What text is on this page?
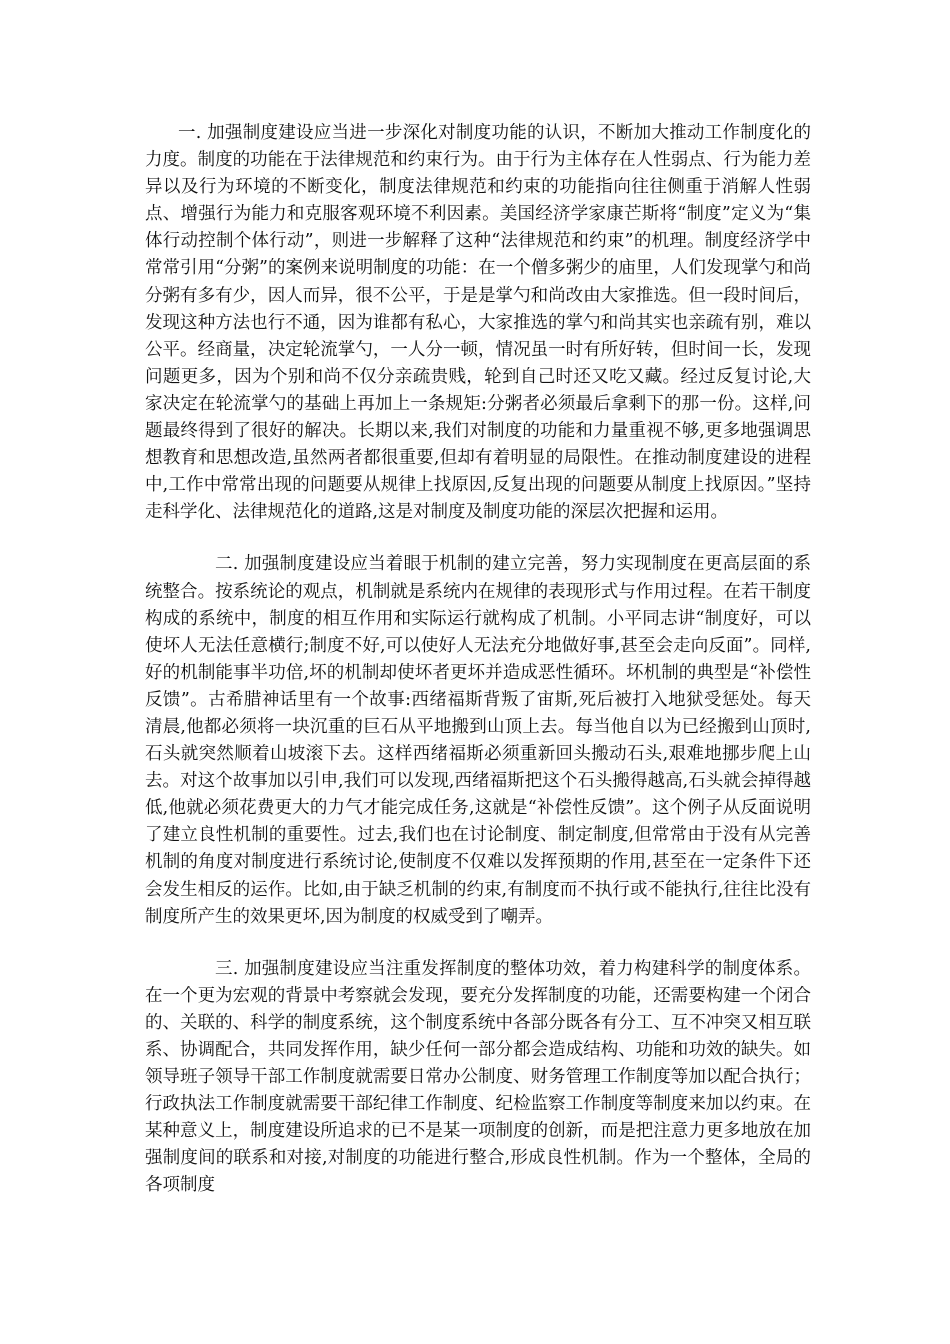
一. 加强制度建设应当进一步深化对制度功能的认识，不断加大推动工作制度化的力度。制度的功能在于法律规范和约束行为。由于行为主体存在人性弱点、行为能力差异以及行为环境的不断变化，制度法律规范和约束的功能指向往往侧重于消解人性弱点、增强行为能力和克服客观环境不利因素。美国经济学家康芒斯将“制度”定义为“集体行动控制个体行动”，则进一步解释了这种“法律规范和约束”的机理。制度经济学中常常引用“分粥”的案例来说明制度的功能：在一个僧多粥少的庙里，人们发现掌勺和尚分粥有多有少，因人而异，很不公平，于是是掌勺和尚改由大家推选。但一段时间后，发现这种方法也行不通，因为谁都有私心，大家推选的掌勺和尚其实也亲疏有别，难以公平。经商量，决定轮流掌勺，一人分一顿，情况虽一时有所好转，但时间一长，发现问题更多，因为个别和尚不仅分亲疏贵贱，轮到自己时还又吃又藏。经过反复讨论,大家决定在轮流掌勺的基础上再加上一条规矩:分粥者必须最后拿剩下的那一份。这样,问题最终得到了很好的解决。长期以来,我们对制度的功能和力量重视不够,更多地强调思想教育和思想改造,虽然两者都很重要,但却有着明显的局限性。在推动制度建设的进程中,工作中常常出现的问题要从规律上找原因,反复出现的问题要从制度上找原因。”坚持走科学化、法律规范化的道路,这是对制度及制度功能的深层次把握和运用。

二. 加强制度建设应当着眼于机制的建立完善，努力实现制度在更高层面的系统整合。按系统论的观点，机制就是系统内在规律的表现形式与作用过程。在若干制度构成的系统中，制度的相互作用和实际运行就构成了机制。小平同志讲“制度好，可以使坏人无法任意横行;制度不好,可以使好人无法充分地做好事,甚至会走向反面”。同样,好的机制能事半功倍,坏的机制却使坏者更坏并造成恶性循环。坏机制的典型是“补偿性反馈”。古希腊神话里有一个故事:西绪福斯背叛了宙斯,死后被打入地狱受惩处。每天清晨,他都必须将一块沉重的巨石从平地搬到山顶上去。每当他自以为已经搬到山顶时,石头就突然顺着山坡滚下去。这样西绪福斯必须重新回头搬动石头,艰难地挪步爬上山去。对这个故事加以引申,我们可以发现,西绪福斯把这个石头搬得越高,石头就会掉得越低,他就必须花费更大的力气才能完成任务,这就是“补偿性反馈”。这个例子从反面说明了建立良性机制的重要性。过去,我们也在讨论制度、制定制度,但常常由于没有从完善机制的角度对制度进行系统讨论,使制度不仅难以发挥预期的作用,甚至在一定条件下还会发生相反的运作。比如,由于缺乏机制的约束,有制度而不执行或不能执行,往往比没有制度所产生的效果更坏,因为制度的权威受到了嘲弄。

三. 加强制度建设应当注重发挥制度的整体功效，着力构建科学的制度体系。在一个更为宏观的背景中考察就会发现，要充分发挥制度的功能，还需要构建一个闭合的、关联的、科学的制度系统，这个制度系统中各部分既各有分工、互不冲突又相互联系、协调配合，共同发挥作用，缺少任何一部分都会造成结构、功能和功效的缺失。如领导班子领导干部工作制度就需要日常办公制度、财务管理工作制度等加以配合执行；行政执法工作制度就需要干部纪律工作制度、纪检监察工作制度等制度来加以约束。在某种意义上，制度建设所追求的已不是某一项制度的创新，而是把注意力更多地放在加强制度间的联系和对接,对制度的功能进行整合,形成良性机制。作为一个整体，全局的各项制度
